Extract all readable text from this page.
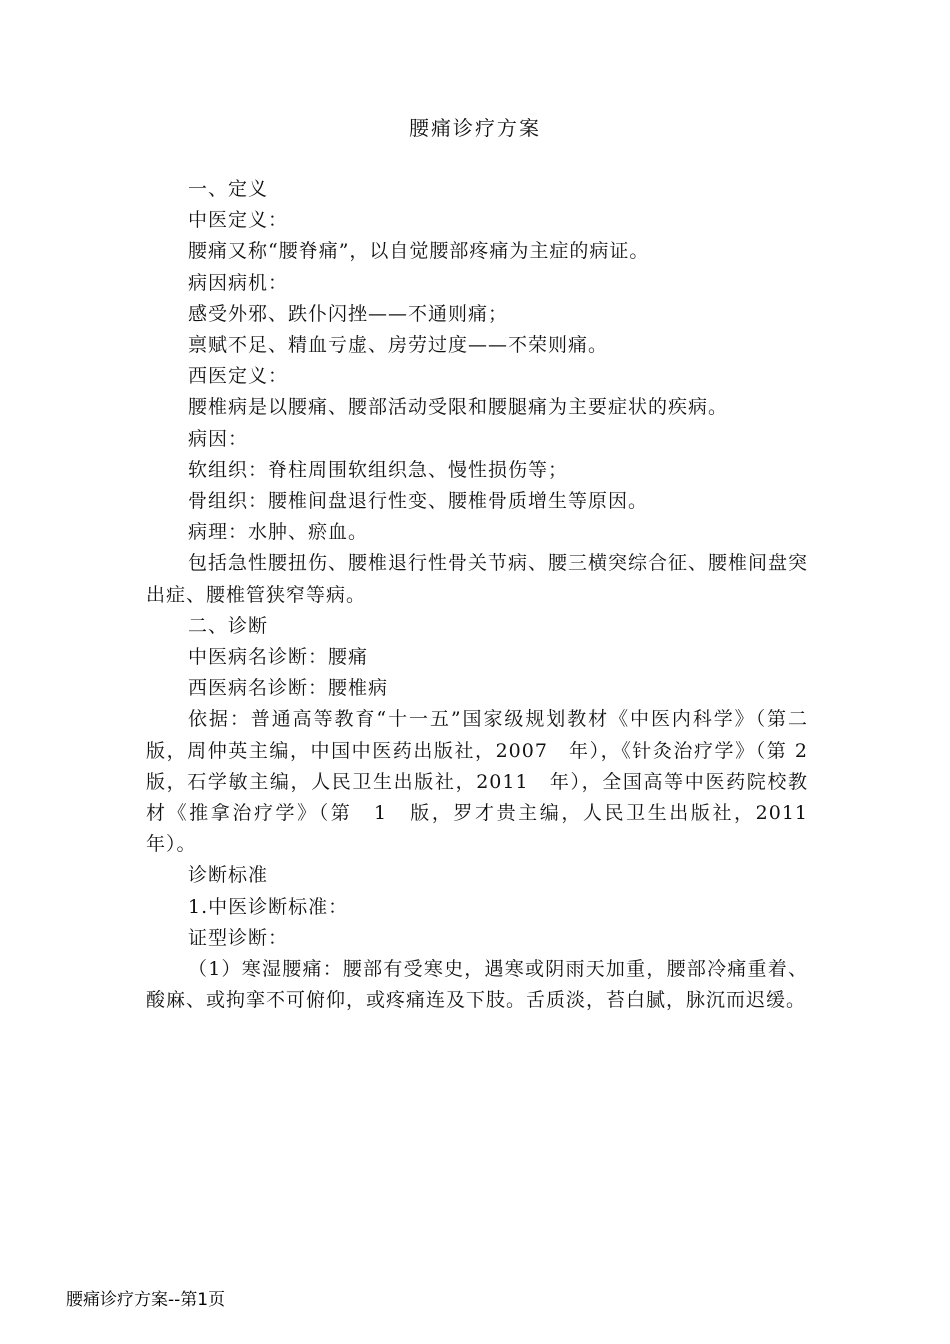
腰痛诊疗方案

一、定义

中医定义：

腰痛又称“腰脊痛”，以自觉腰部疼痛为主症的病证。

病因病机：

感受外邪、跌仆闪挫——不通则痛；

禀赋不足、精血亏虚、房劳过度——不荣则痛。

西医定义：

腰椎病是以腰痛、腰部活动受限和腰腿痛为主要症状的疾病。

病因：

软组织：脊柱周围软组织急、慢性损伤等；

骨组织：腰椎间盘退行性变、腰椎骨质增生等原因。

病理：水肿、瘀血。

包括急性腰扭伤、腰椎退行性骨关节病、腰三横突综合征、腰椎间盘突出症、腰椎管狭窄等病。

二、诊断

中医病名诊断：腰痛

西医病名诊断：腰椎病

依据：普通高等教育“十一五”国家级规划教材《中医内科学》（第二版，周仲英主编，中国中医药出版社，2007　年），《针灸治疗学》（第 2 版，石学敏主编，人民卫生出版社，2011　年），全国高等中医药院校教材《推拿治疗学》（第　1　版，罗才贵主编，人民卫生出版社，2011　年）。

诊断标准

1.中医诊断标准：

证型诊断：

（1）寒湿腰痛：腰部有受寒史，遇寒或阴雨天加重，腰部冷痛重着、酸麻、或拘挛不可俯仰，或疼痛连及下肢。舌质淡，苔白腻，脉沉而迟缓。

腰痛诊疗方案--第1页
